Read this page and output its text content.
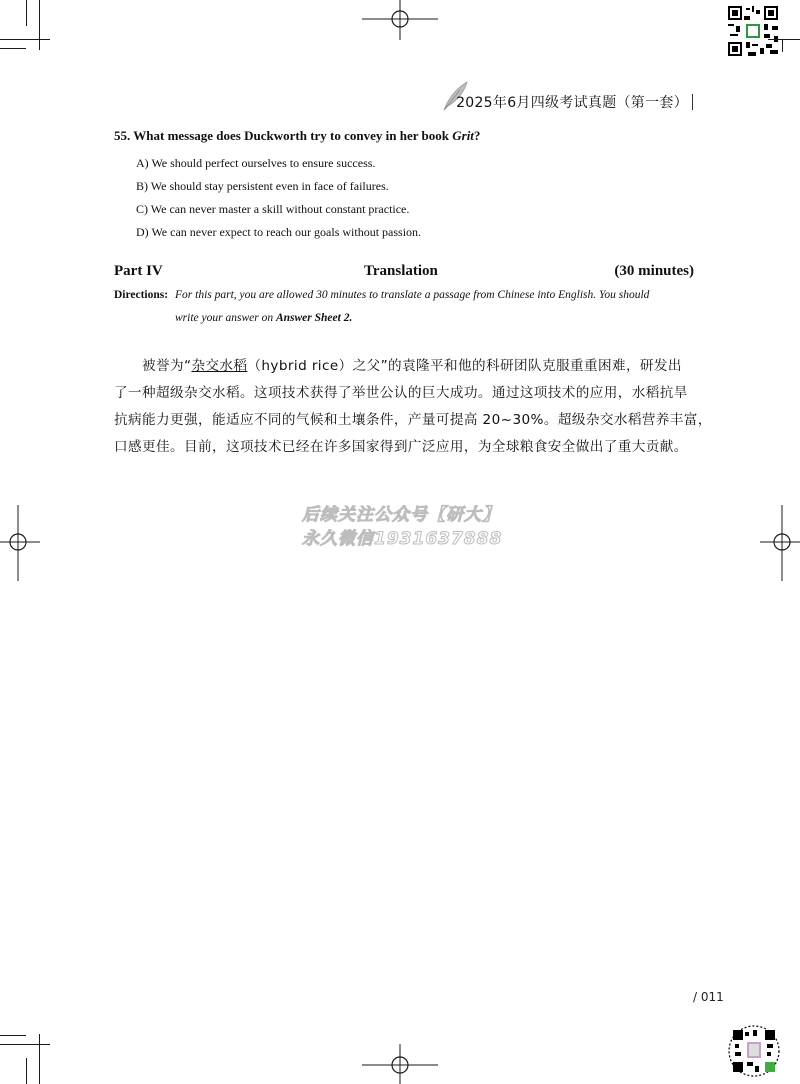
2025年6月四级考试真题（第一套）
55. What message does Duckworth try to convey in her book Grit?
A) We should perfect ourselves to ensure success.
B) We should stay persistent even in face of failures.
C) We can never master a skill without constant practice.
D) We can never expect to reach our goals without passion.
Part IV	Translation	(30 minutes)
Directions: For this part, you are allowed 30 minutes to translate a passage from Chinese into English. You should
write your answer on Answer Sheet 2.
被誉为“杂交水稻（hybrid rice）之父”的袁隆平和他的科研团队克服重重困难，研发出
了一种超级杂交水稻。这项技术获得了举世公认的巨大成功。通过这项技术的应用，水稻抗旱
抗病能力更强，能适应不同的气候和土壤条件，产量可提高 20~30%。超级杂交水稻营养丰富，
口感更佳。目前，这项技术已经在许多国家得到广泛应用，为全球粮食安全做出了重大贡献。
后续关注公众号【研大】
永久微信1931637888
/ 011
